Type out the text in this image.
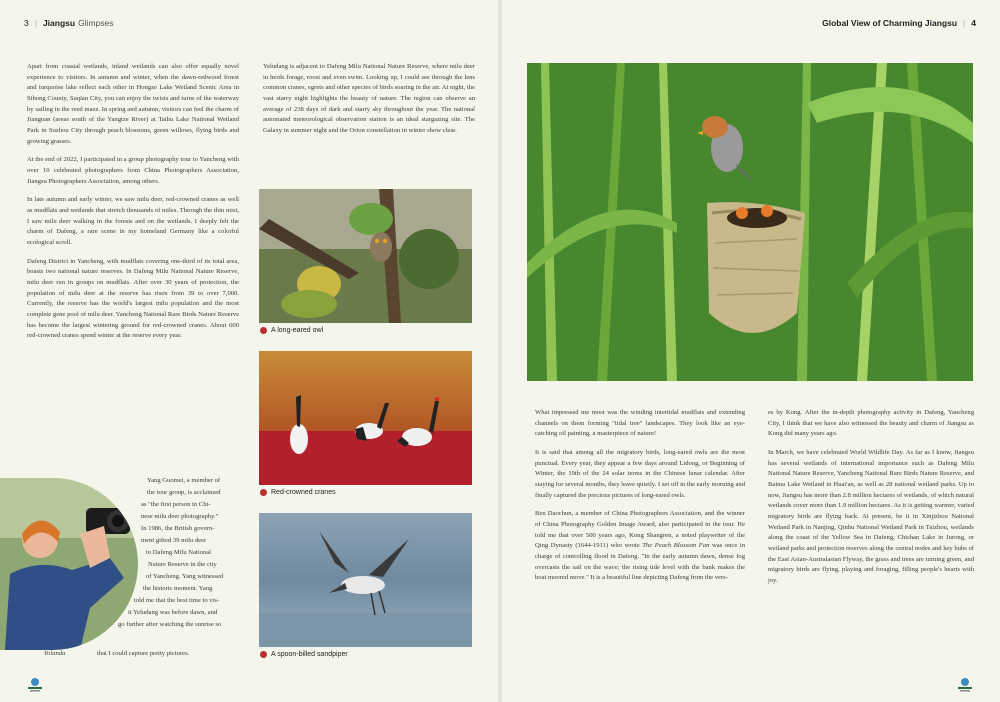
3 | Jiangsu Glimpses	Global View of Charming Jiangsu | 4

Apart from coastal wetlands, inland wetlands can also offer equally novel experience to visitors. In autumn and winter, when the dawn-redwood forest and turquoise lake reflect each other in Hongze Lake Wetland Scenic Area in Sihong County, Suqian City, you can enjoy the twists and turns of the waterway by sailing in the reed maze. In spring and autumn, visitors can feel the charm of Jiangnan (areas south of the Yangtze River) at Taihu Lake National Wetland Park in Suzhou City through peach blossoms, green willows, flying birds and growing grasses.

At the end of 2022, I participated in a group photography tour to Yancheng with over 10 celebrated photographers from China Photographers Association, Jiangsu Photographers Association, among others.

In late autumn and early winter, we saw milu deer, red-crowned cranes as well as mudflats and wetlands that stretch thousands of miles. Through the thin mist, I saw milu deer walking in the forests and on the wetlands. I deeply felt the charm of Dafeng, a rare scene in my homeland Germany like a colorful ecological scroll.

Dafeng District in Yancheng, with mudflats covering one-third of its total area, boasts two national nature reserves. In Dafeng Milu National Nature Reserve, milu deer run in groups on mudflats. After over 30 years of protection, the population of milu deer at the reserve has risen from 39 to over 7,000. Currently, the reserve has the world's largest milu population and the most complete gene pool of milu deer. Yancheng National Rare Birds Nature Reserve has become the largest wintering ground for red-crowned cranes. About 600 red-crowned cranes spend winter at the reserve every year.

Yang Guomei, a member of
the tour group, is acclaimed
as "the first person in Chi-
nese milu deer photography."
In 1986, the British govern-
ment gifted 39 milu deer
to Dafeng Milu National
Nature Reserve in the city
of Yancheng. Yang witnessed
the historic moment. Yang
told me that the best time to vis-
it Yeludang was before dawn, and
go further after watching the sunrise so
that I could capture pretty pictures.
Yolanda

Yeludang is adjacent to Dafeng Milu National Nature Reserve, where milu deer in herds forage, roost and even swim. Looking up, I could see through the lens common cranes, egrets and other species of birds soaring in the air. At night, the vast starry night highlights the beauty of nature. The region can observe an average of 238 days of dark and starry sky throughout the year. The national automated meteorological observation station is an ideal stargazing site. The Galaxy in summer night and the Orion constellation in winter show clear.

A long-eared owl
Red-crowned cranes
A spoon-billed sandpiper

What impressed me most was the winding intertidal mudflats and extending channels on them forming "tidal tree" landscapes. They look like an eye-catching oil painting, a masterpiece of nature!

It is said that among all the migratory birds, long-eared owls are the most punctual. Every year, they appear a few days around Lidong, or Beginning of Winter, the 19th of the 24 solar terms in the Chinese lunar calendar. After staying for several months, they leave quietly. I set off in the early morning and finally captured the precious pictures of long-eared owls.

Ben Daochun, a member of China Photographers Association, and the winner of China Photography Golden Image Award, also participated in the tour. He told me that over 500 years ago, Kong Shangren, a noted playwriter of the Qing Dynasty (1644-1911) who wrote The Peach Blossom Fan was once in charge of controlling flood in Dafeng. "In the early autumn dawn, dense fog overcasts the sail on the wave; the rising tide level with the bank makes the boat moored move." It is a beautiful line depicting Dafeng from the vers-

es by Kong. After the in-depth photography activity in Dafeng, Yancheng City, I think that we have also witnessed the beauty and charm of Jiangsu as Kong did many years ago.

In March, we have celebrated World Wildlife Day. As far as I know, Jiangsu has several wetlands of international importance such as Dafeng Milu National Nature Reserve, Yancheng National Rare Birds Nature Reserve, and Baima Lake Wetland in Huai'an, as well as 28 national wetland parks. Up to now, Jiangsu has more than 2.8 million hectares of wetlands, of which natural wetlands cover more than 1.9 million hectares. As it is getting warmer, varied migratory birds are flying back. At present, be it in Xinjizhou National Wetland Park in Nanjing, Qinhu National Wetland Park in Taizhou, wetlands along the coast of the Yellow Sea in Dafeng, Chishan Lake in Jurong, or wetland parks and protection reserves along the central nodes and key hubs of the East Asian-Australasian Flyway, the grass and trees are turning green, and migratory birds are flying, playing and foraging, filling people's hearts with joy.
